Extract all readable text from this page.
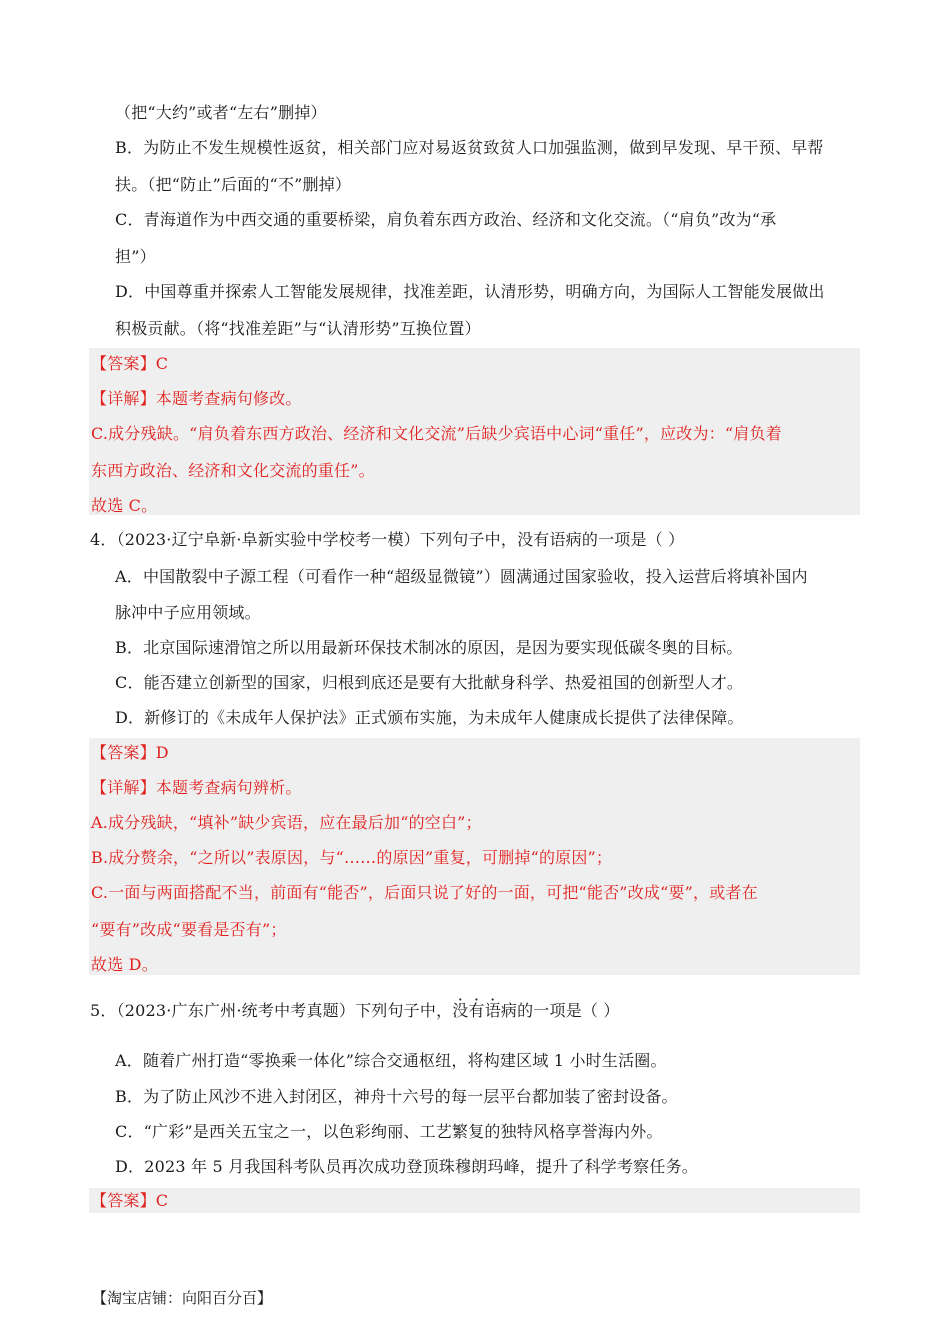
（把“大约”或者“左右”删掉）
B．为防止不发生规模性返贫，相关部门应对易返贫致贫人口加强监测，做到早发现、早干预、早帮
扶。（把“防止”后面的“不”删掉）
C．青海道作为中西交通的重要桥梁，肩负着东西方政治、经济和文化交流。（“肩负”改为“承
担”）
D．中国尊重并探索人工智能发展规律，找准差距，认清形势，明确方向，为国际人工智能发展做出
积极贡献。（将“找准差距”与“认清形势”互换位置）
【答案】C
【详解】本题考查病句修改。
C.成分残缺。“肩负着东西方政治、经济和文化交流”后缺少宾语中心词“重任”，应改为：“肩负着
东西方政治、经济和文化交流的重任”。
故选 C。
4．（2023·辽宁阜新·阜新实验中学校考一模）下列句子中，没有语病的一项是（ ）
A．中国散裂中子源工程（可看作一种“超级显微镜”）圆满通过国家验收，投入运营后将填补国内
脉冲中子应用领域。
B．北京国际速滑馆之所以用最新环保技术制冰的原因，是因为要实现低碳冬奥的目标。
C．能否建立创新型的国家，归根到底还是要有大批献身科学、热爱祖国的创新型人才。
D．新修订的《未成年人保护法》正式颁布实施，为未成年人健康成长提供了法律保障。
【答案】D
【详解】本题考查病句辨析。
A.成分残缺，“填补”缺少宾语，应在最后加“的空白”；
B.成分赘余，“之所以”表原因，与“……的原因”重复，可删掉“的原因”；
C.一面与两面搭配不当，前面有“能否”，后面只说了好的一面，可把“能否”改成“要”，或者在
“要有”改成“要看是否有”；
故选 D。
5．（2023·广东广州·统考中考真题）下列句子中，没有语病的一项是（ ）
A．随着广州打造“零换乘一体化”综合交通枢纽，将构建区域 1 小时生活圈。
B．为了防止风沙不进入封闭区，神舟十六号的每一层平台都加装了密封设备。
C．“广彩”是西关五宝之一，以色彩绚丽、工艺繁复的独特风格享誉海内外。
D．2023 年 5 月我国科考队员再次成功登顶珠穆朗玛峰，提升了科学考察任务。
【答案】C
【淘宝店铺：向阳百分百】
